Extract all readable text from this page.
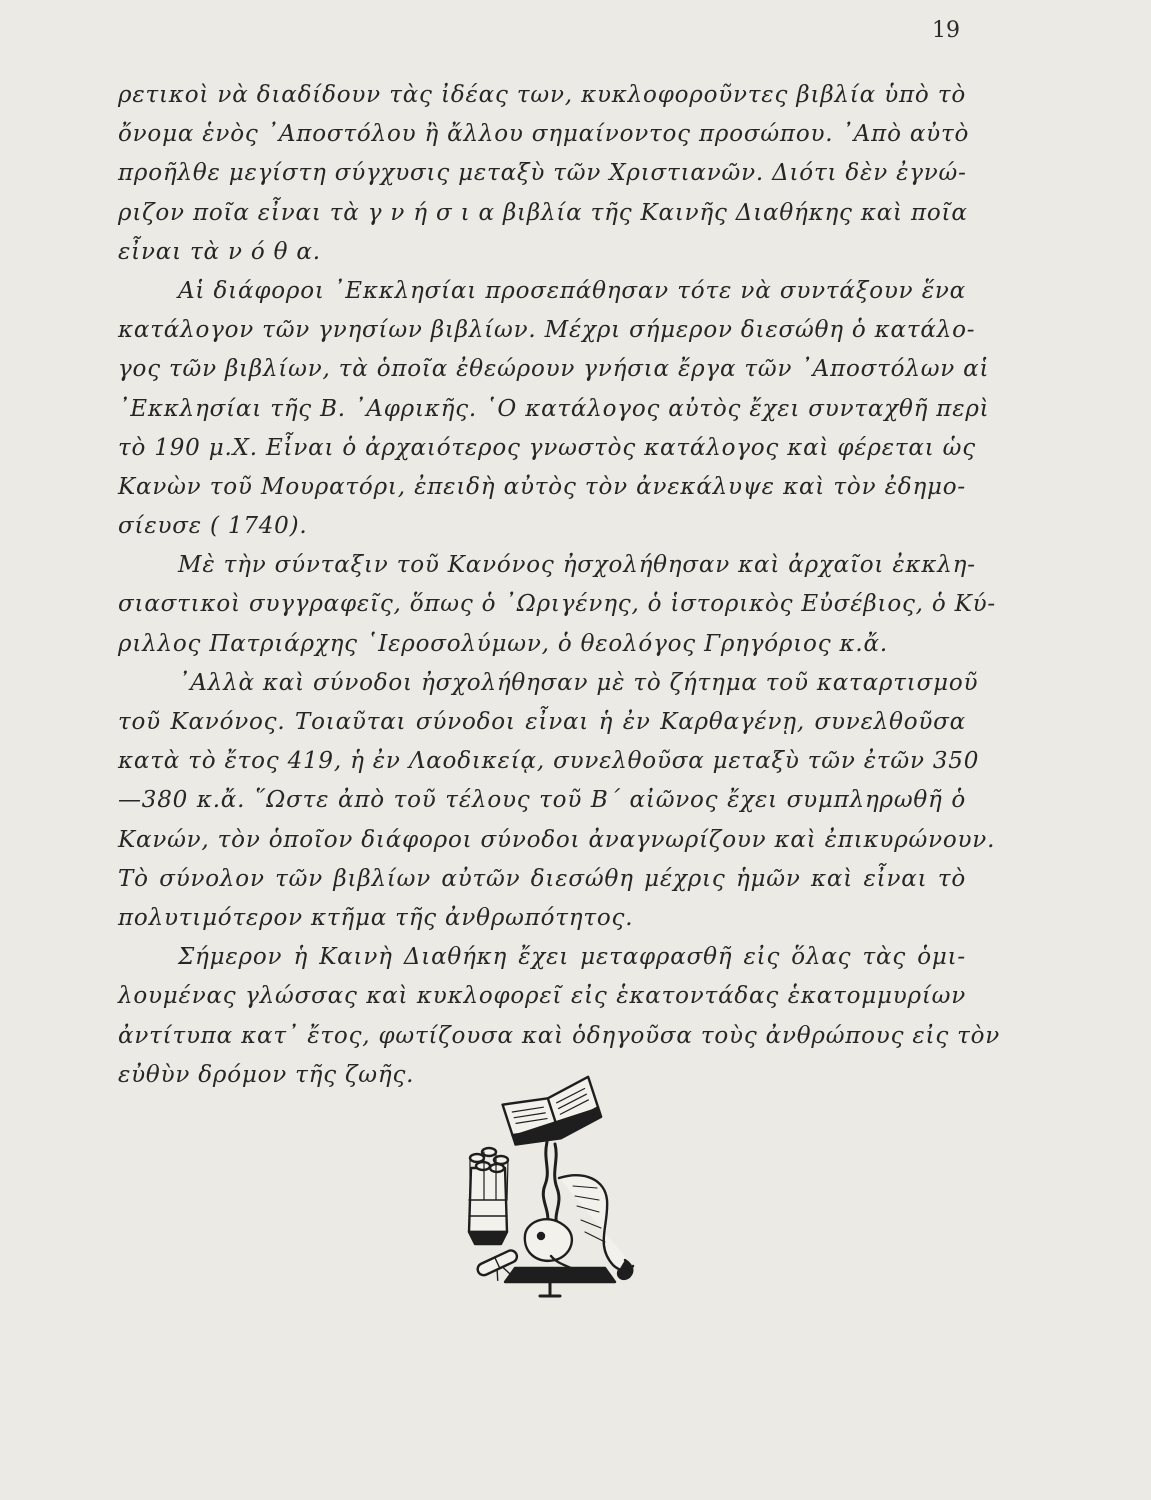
19
ρετικοὶ νὰ διαδίδουν τὰς ἰδέας των, κυκλοφοροῦντες βιβλία ὑπὸ τὸ
ὄνομα ἑνὸς ᾿Αποστόλου ἢ ἄλλου σημαίνοντος προσώπου. ᾿Απὸ αὐτὸ
προῆλθε μεγίστη σύγχυσις μεταξὺ τῶν Χριστιανῶν. Διότι δὲν ἐγνώ-
ριζον ποῖα εἶναι τὰ γ ν ή σ ι α βιβλία τῆς Καινῆς Διαθήκης καὶ ποῖα
εἶναι τὰ ν ό θ α.
Αἱ διάφοροι ᾿Εκκλησίαι προσεπάθησαν τότε νὰ συντάξουν ἕνα
κατάλογον τῶν γνησίων βιβλίων. Μέχρι σήμερον διεσώθη ὁ κατάλο-
γος τῶν βιβλίων, τὰ ὁποῖα ἐθεώρουν γνήσια ἔργα τῶν ᾿Αποστόλων αἱ
᾿Εκκλησίαι τῆς Β. ᾿Αφρικῆς. ῾Ο κατάλογος αὐτὸς ἔχει συνταχθῆ περὶ
τὸ 190 μ.Χ. Εἶναι ὁ ἀρχαιότερος γνωστὸς κατάλογος καὶ φέρεται ὡς
Κανὼν τοῦ Μουρατόρι, ἐπειδὴ αὐτὸς τὸν ἀνεκάλυψε καὶ τὸν ἐδημο-
σίευσε ( 1740).
Μὲ τὴν σύνταξιν τοῦ Κανόνος ἠσχολήθησαν καὶ ἀρχαῖοι ἐκκλη-
σιαστικοὶ συγγραφεῖς, ὅπως ὁ ᾿Ωριγένης, ὁ ἱστορικὸς Εὐσέβιος, ὁ Κύ-
ριλλος Πατριάρχης ῾Ιεροσολύμων, ὁ θεολόγος Γρηγόριος κ.ἄ.
᾿Αλλὰ καὶ σύνοδοι ἠσχολήθησαν μὲ τὸ ζήτημα τοῦ καταρτισμοῦ
τοῦ Κανόνος. Τοιαῦται σύνοδοι εἶναι ἡ ἐν Καρθαγένῃ, συνελθοῦσα
κατὰ τὸ ἔτος 419, ἡ ἐν Λαοδικείᾳ, συνελθοῦσα μεταξὺ τῶν ἐτῶν 350
—380 κ.ἄ. ῞Ωστε ἀπὸ τοῦ τέλους τοῦ Β΄ αἰῶνος ἔχει συμπληρωθῆ ὁ
Κανών, τὸν ὁποῖον διάφοροι σύνοδοι ἀναγνωρίζουν καὶ ἐπικυρώνουν.
Τὸ σύνολον τῶν βιβλίων αὐτῶν διεσώθη μέχρις ἡμῶν καὶ εἶναι τὸ
πολυτιμότερον κτῆμα τῆς ἀνθρωπότητος.
Σήμερον ἡ Καινὴ Διαθήκη ἔχει μεταφρασθῆ εἰς ὅλας τὰς ὁμι-
λουμένας γλώσσας καὶ κυκλοφορεῖ εἰς ἑκατοντάδας ἑκατομμυρίων
ἀντίτυπα κατ᾿ ἔτος, φωτίζουσα καὶ ὁδηγοῦσα τοὺς ἀνθρώπους εἰς τὸν
εὐθὺν δρόμον τῆς ζωῆς.
